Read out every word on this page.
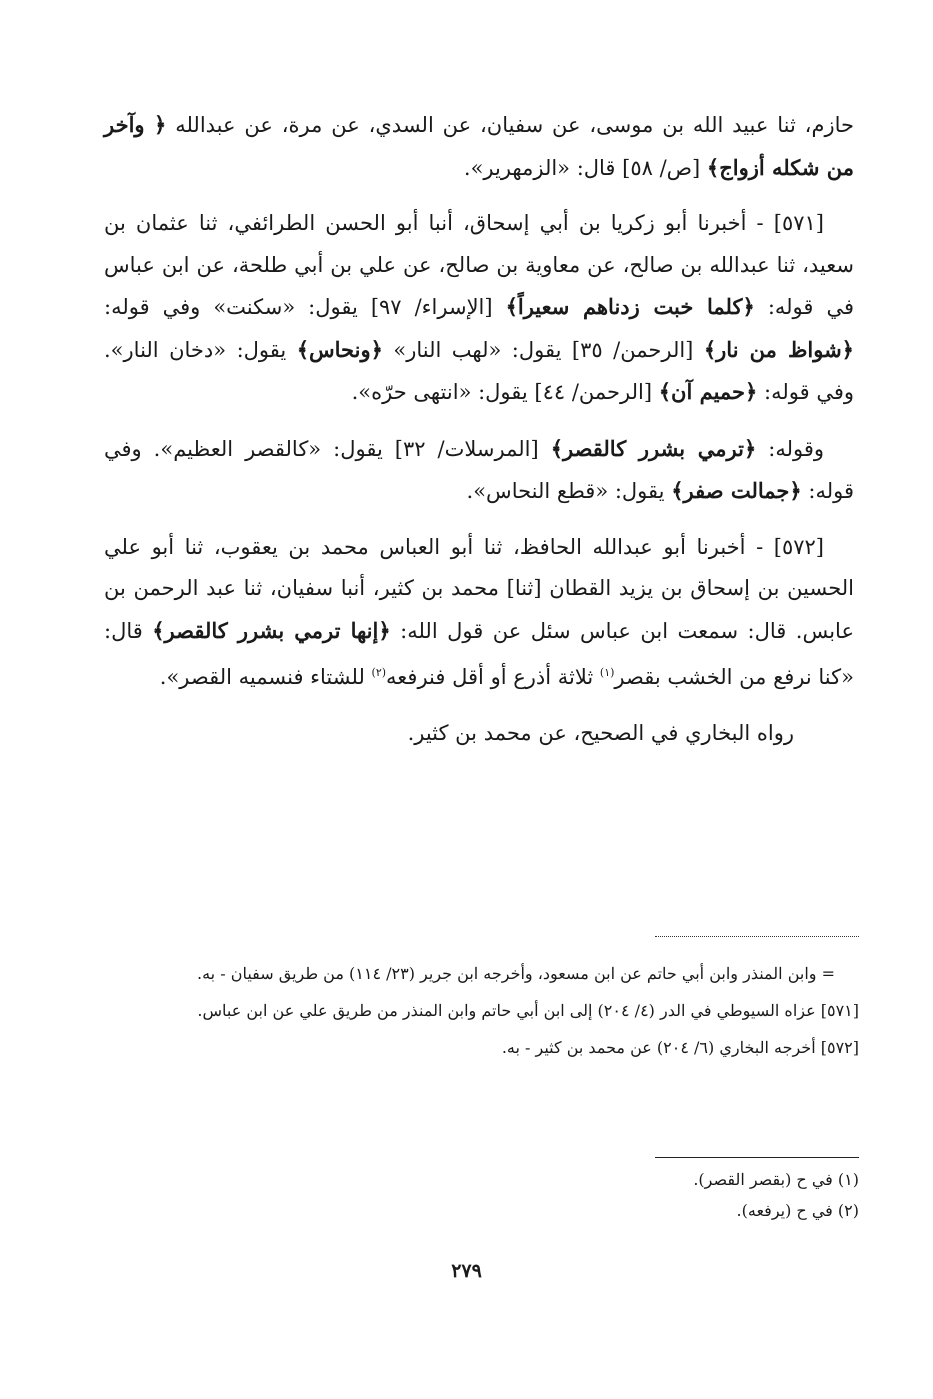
حازم، ثنا عبيد الله بن موسى، عن سفيان، عن السدي، عن مرة، عن عبدالله ﴿ وآخر من شكله أزواج﴾ [ص/ ٥٨] قال: «الزمهرير».

[٥٧١] - أخبرنا أبو زكريا بن أبي إسحاق، أنبا أبو الحسن الطرائفي، ثنا عثمان بن سعيد، ثنا عبدالله بن صالح، عن معاوية بن صالح، عن علي بن أبي طلحة، عن ابن عباس في قوله: ﴿كلما خبت زدناهم سعيراً﴾ [الإسراء/ ٩٧] يقول: «سكنت» وفي قوله: ﴿شواظ من نار﴾ [الرحمن/ ٣٥] يقول: «لهب النار» ﴿ونحاس﴾ يقول: «دخان النار». وفي قوله: ﴿حميم آن﴾ [الرحمن/ ٤٤] يقول: «انتهى حرّه».

وقوله: ﴿ترمي بشرر كالقصر﴾ [المرسلات/ ٣٢] يقول: «كالقصر العظيم». وفي قوله: ﴿جمالت صفر﴾ يقول: «قطع النحاس».

[٥٧٢] - أخبرنا أبو عبدالله الحافظ، ثنا أبو العباس محمد بن يعقوب، ثنا أبو علي الحسين بن إسحاق بن يزيد القطان [ثنا] محمد بن كثير، أنبا سفيان، ثنا عبد الرحمن بن عابس. قال: سمعت ابن عباس سئل عن قول الله: ﴿إنها ترمي بشرر كالقصر﴾ قال: «كنا نرفع من الخشب بقصر$^{(١)}$ ثلاثة أذرع أو أقل فنرفعه$^{(٢)}$ للشتاء فنسميه القصر».

رواه البخاري في الصحيح، عن محمد بن كثير.

= وابن المنذر وابن أبي حاتم عن ابن مسعود، وأخرجه ابن جرير (٢٣/ ١١٤) من طريق سفيان - به.

[٥٧١] عزاه السيوطي في الدر (٤/ ٢٠٤) إلى ابن أبي حاتم وابن المنذر من طريق علي عن ابن عباس.

[٥٧٢] أخرجه البخاري (٦/ ٢٠٤) عن محمد بن كثير - به.

(١) في ح (بقصر القصر).

(٢) في ح (يرفعه).

٢٧٩
